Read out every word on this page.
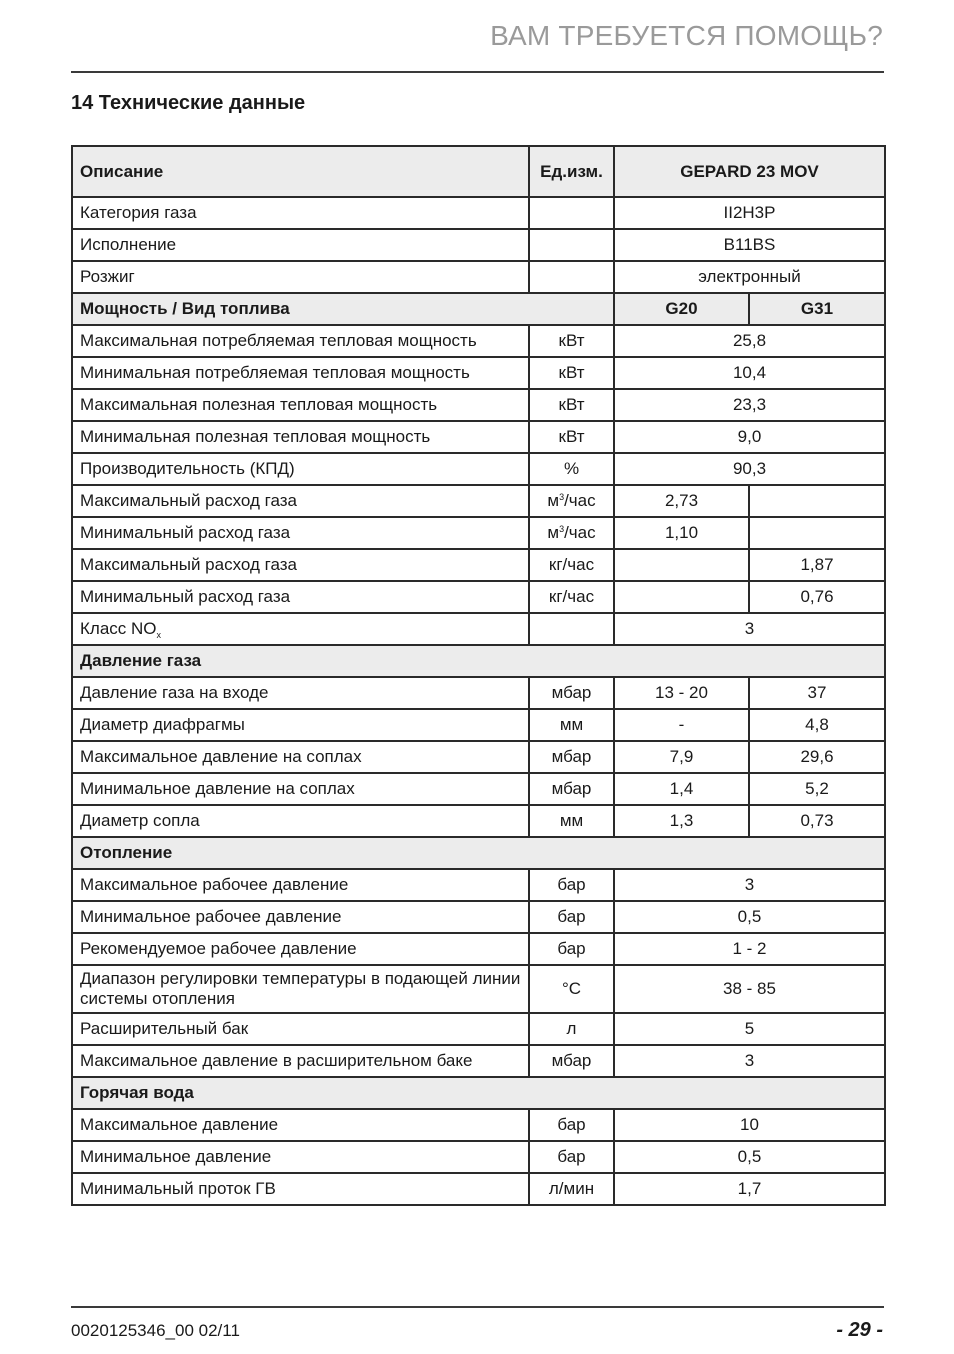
ВАМ ТРЕБУЕТСЯ ПОМОЩЬ?
14 Технические данные
Описание	Ед.изм.	GEPARD 23 MOV	
Категория газа		II2H3P	
Исполнение		B11BS	
Розжиг		электронный	
Мощность / Вид топлива		G20	G31
Максимальная потребляемая тепловая мощность	кВт	25,8	
Минимальная потребляемая тепловая мощность	кВт	10,4	
Максимальная полезная тепловая мощность	кВт	23,3	
Минимальная полезная тепловая мощность	кВт	9,0	
Производительность (КПД)	%	90,3	
Максимальный расход газа	$м^3$/час	2,73	
Минимальный расход газа	$м^3$/час	1,10	
Максимальный расход газа	кг/час		1,87
Минимальный расход газа	кг/час		0,76
Класс $NO_x$		3	
Давление газа			
Давление газа на входе	мбар	13 - 20	37
Диаметр диафрагмы	мм	-	4,8
Максимальное давление на соплах	мбар	7,9	29,6
Минимальное давление на соплах	мбар	1,4	5,2
Диаметр сопла	мм	1,3	0,73
Отопление			
Максимальное рабочее давление	бар	3	
Минимальное рабочее давление	бар	0,5	
Рекомендуемое рабочее давление	бар	1 - 2	
Диапазон регулировки температуры в подающей линии системы отопления	°C	38 - 85	
Расширительный бак	л	5	
Максимальное давление в расширительном баке	мбар	3	
Горячая вода			
Максимальное давление	бар	10	
Минимальное давление	бар	0,5	
Минимальный проток ГВ	л/мин	1,7	
0020125346_00 02/11	- 29 -
